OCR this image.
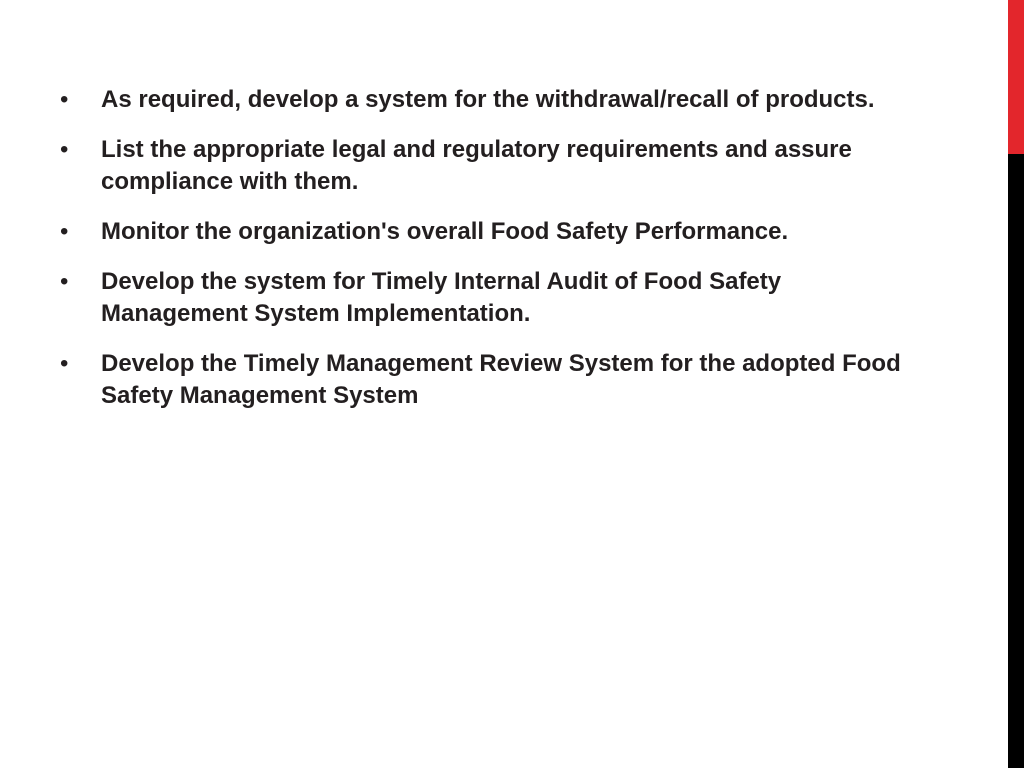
• As required, develop a system for the withdrawal/recall of products.
• List the appropriate legal and regulatory requirements and assure compliance with them.
• Monitor the organization's overall Food Safety Performance.
• Develop the system for Timely Internal Audit of Food Safety Management System Implementation.
• Develop the Timely Management Review System for the adopted Food Safety Management System
